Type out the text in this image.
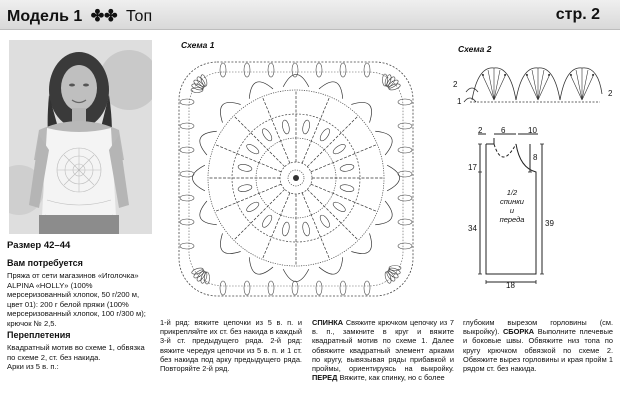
Модель 1 ✤✤ Топ	стр. 2
Размер 42–44
Вам потребуется
Пряжа от сети магазинов «Иголочка» ALPINA «HOLLY» (100% мерсеризованный хлопок, 50 г/200 м, цвет 01): 200 г белой пряжи (100% мерсеризованный хлопок, 100 г/300 м); крючок № 2,5.
Переплетения
Квадратный мотив во схеме 1, обвязка по схеме 2, ст. без накида.
Арки из 5 в. п.:
Схема 1	Схема 2
2
1
2
2 6	10
8
17
34
39
18
1/2
спинки
и
переда
1-й ряд: вяжите цепочки из 5 в. п. и прикрепляйте их ст. без накида в каждый 3-й ст. предыдущего ряда. 2-й ряд: вяжите чередуя цепочки из 5 в. п. и 1 ст. без накида под арку предыдущего ряда. Повторяйте 2-й ряд.
СПИНКА Свяжите крючком цепочку из 7 в. п., замкните в круг и вяжите квадратный мотив по схеме 1. Далее обвяжите квадратный элемент арками по кругу, вывязывая ряды прибавкой и проймы, ориентируясь на выкройку. ПЕРЕД Вяжите, как спинку, но с более
глубоким вырезом горловины (см. выкройку). СБОРКА Выполните плечевые и боковые швы. Обвяжите низ топа по кругу крючком обвязкой по схеме 2. Обвяжите вырез горловины и края пройм 1 рядом ст. без накида.
